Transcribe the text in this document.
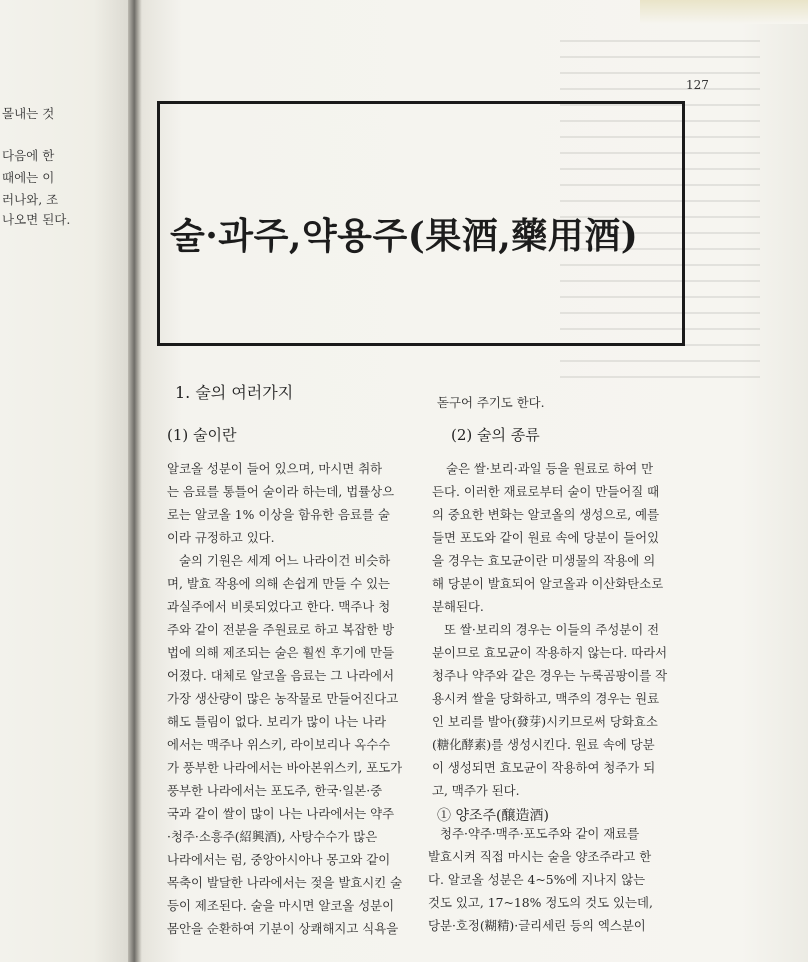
몰내는 것
다음에 한
때에는 이
러나와, 조
나오면 된다.
127
술·과주,약용주(果酒,藥用酒)
1. 술의 여러가지
(1) 술이란
알코올 성분이 들어 있으며, 마시면 취하
는 음료를 통틀어 술이라 하는데, 법률상으
로는 알코올 1% 이상을 함유한 음료를 술
이라 규정하고 있다.
술의 기원은 세계 어느 나라이건 비슷하
며, 발효 작용에 의해 손쉽게 만들 수 있는
과실주에서 비롯되었다고 한다. 맥주나 청
주와 같이 전분을 주원료로 하고 복잡한 방
법에 의해 제조되는 술은 훨씬 후기에 만들
어졌다. 대체로 알코올 음료는 그 나라에서
가장 생산량이 많은 농작물로 만들어진다고
해도 틀림이 없다. 보리가 많이 나는 나라
에서는 맥주나 위스키, 라이보리나 옥수수
가 풍부한 나라에서는 바아본위스키, 포도가
풍부한 나라에서는 포도주, 한국·일본·중
국과 같이 쌀이 많이 나는 나라에서는 약주
·청주·소흥주(紹興酒), 사탕수수가 많은
나라에서는 럼, 중앙아시아나 몽고와 같이
목축이 발달한 나라에서는 젖을 발효시킨 술
등이 제조된다. 술을 마시면 알코올 성분이
몸안을 순환하여 기분이 상쾌해지고 식욕을
돋구어 주기도 한다.
(2) 술의 종류
술은 쌀·보리·과일 등을 원료로 하여 만
든다. 이러한 재료로부터 술이 만들어질 때
의 중요한 변화는 알코올의 생성으로, 예를
들면 포도와 같이 원료 속에 당분이 들어있
을 경우는 효모균이란 미생물의 작용에 의
해 당분이 발효되어 알코올과 이산화탄소로
분해된다.
또 쌀·보리의 경우는 이들의 주성분이 전
분이므로 효모균이 작용하지 않는다. 따라서
청주나 약주와 같은 경우는 누룩곰팡이를 작
용시켜 쌀을 당화하고, 맥주의 경우는 원료
인 보리를 발아(發芽)시키므로써 당화효소
(糖化酵素)를 생성시킨다. 원료 속에 당분
이 생성되면 효모균이 작용하여 청주가 되
고, 맥주가 된다.
① 양조주(醸造酒)
청주·약주·맥주·포도주와 같이 재료를
발효시켜 직접 마시는 술을 양조주라고 한
다. 알코올 성분은 4~5%에 지나지 않는
것도 있고, 17~18% 정도의 것도 있는데,
당분·호정(糊精)·글리세린 등의 엑스분이
